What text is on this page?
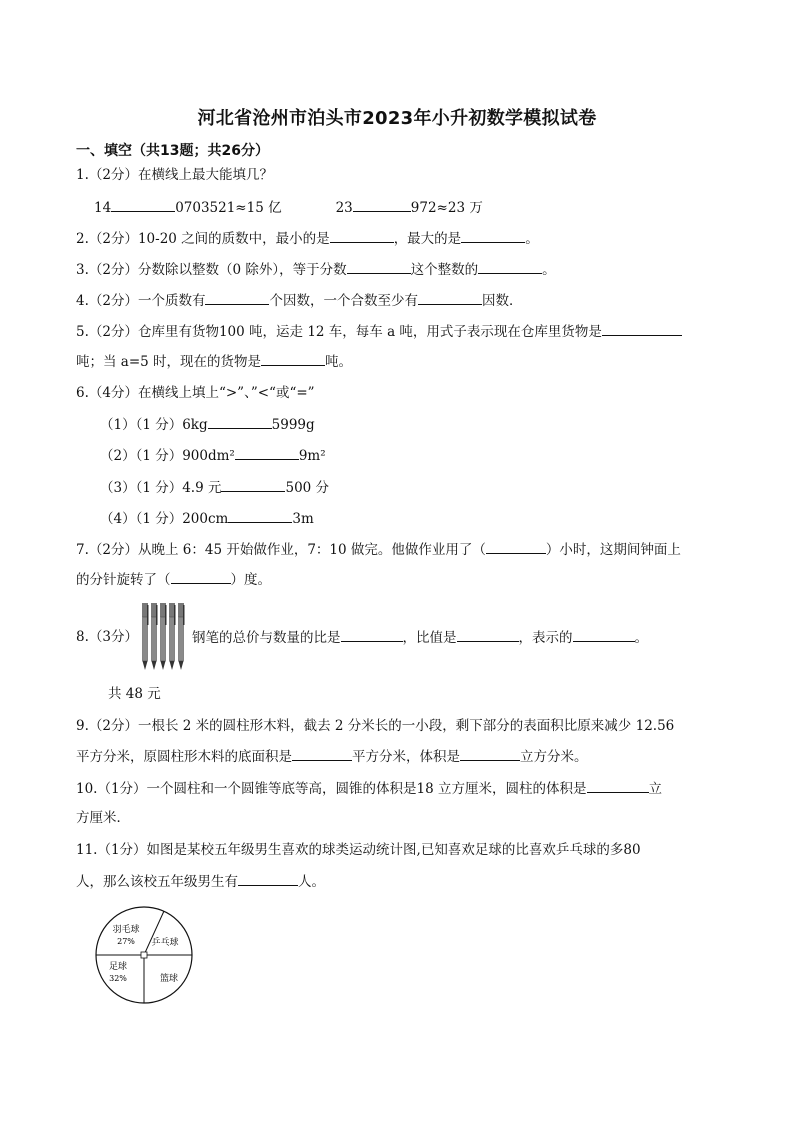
河北省沧州市泊头市2023年小升初数学模拟试卷
一、填空（共13题；共26分）
1.（2分）在横线上最大能填几？
14	0703521≈15 亿	23	972≈23 万
2.（2分）10-20 之间的质数中，最小的是	，最大的是	。
3.（2分）分数除以整数（0 除外），等于分数	这个整数的	。
4.（2分）一个质数有	个因数，一个合数至少有	因数．
5.（2分）仓库里有货物100 吨，运走 12 车，每车 a 吨，用式子表示现在仓库里货物是
吨；当 a=5 时，现在的货物是	吨。
6.（4分）在横线上填上“>”、”<“或“=”
（1）（1 分）6kg	5999g
（2）（1 分）900dm²	9m²
（3）（1 分）4.9 元	500 分
（4）（1 分）200cm	3m
7.（2分）从晚上 6：45 开始做作业，7：10 做完。他做作业用了（	）小时，这期间钟面上
的分针旋转了（	）度。
8.（3分）	钢笔的总价与数量的比是	，比值是	，表示的	。
共 48 元
9.（2分）一根长 2 米的圆柱形木料，截去 2 分米长的一小段，剩下部分的表面积比原来减少 12.56
平方分米，原圆柱形木料的底面积是	平方分米，体积是	立方分米。
10.（1分）一个圆柱和一个圆锥等底等高，圆锥的体积是18 立方厘米，圆柱的体积是	立
方厘米．
11.（1分）如图是某校五年级男生喜欢的球类运动统计图,已知喜欢足球的比喜欢乒乓球的多80
人，那么该校五年级男生有	人。
羽毛球
27% 乒乓球
篮球
足球
32%
